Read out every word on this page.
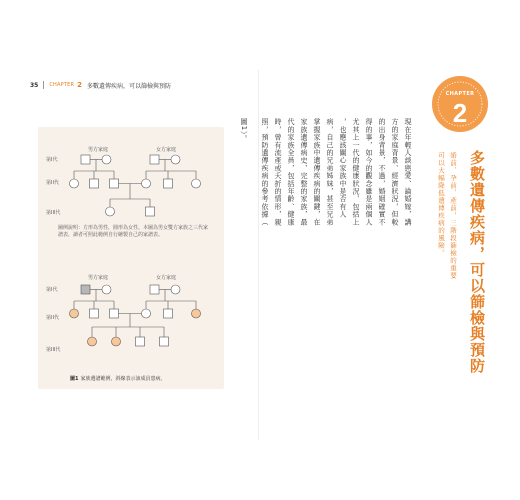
35 CHAPTER 2 多數遺傳疾病，可以篩檢與預防
男方家庭	女方家庭
第I代
第II代
第III代
男方家庭	女方家庭
第I代
第II代
第III代
圖例說明：方形為男性，圓形為女性。本圖為男女雙方家族之三代家譜表，讀者可照此範例自行繪製自己的家譜表。
圖1 家族遺譜範例，斜線表示該成員患病。
現在年輕人談戀愛、論婚嫁，講
方的家庭背景、經濟狀況，但較
的出身背景，不過，婚姻確實不
得的事，如今的觀念雖是兩個人
尤其上一代的健康狀況，包括上
，也應該關心家族中是否有人
病，自己的兄弟姊妹，甚至兄弟
掌握家族中遺傳疾病的關鍵，在
家族遺傳病史，完整的家族，最
代的家族全員，包括年齡、健康
時，曾有流產或夭折的情形，親
照，預防遺傳疾病的參考依據（
圖1）。
CHAPTER
2
多數遺傳疾病，可以篩檢與預防
婚前、孕前、產前，三階段篩檢的重要
可以大幅降低遺傳疾病的風險。
